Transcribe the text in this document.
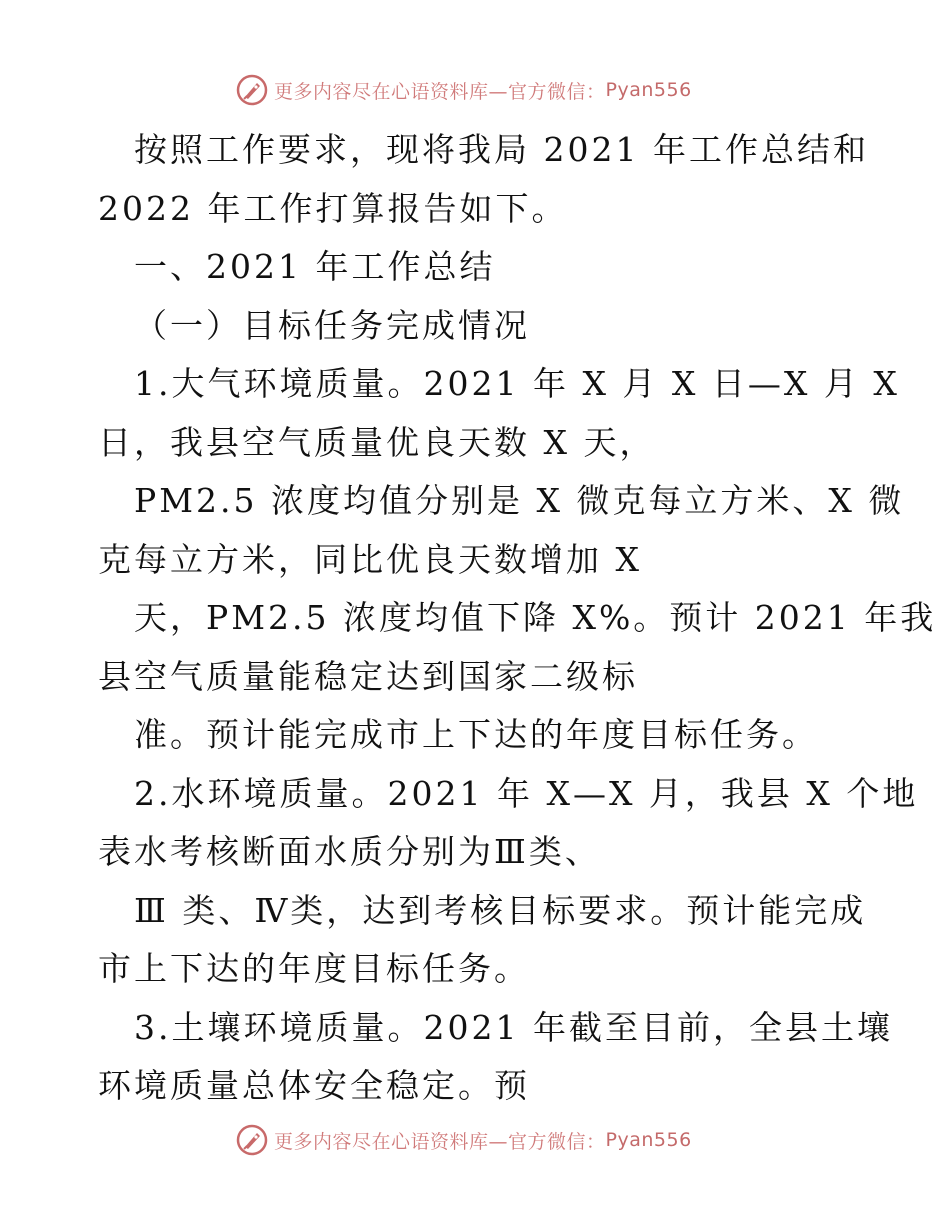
更多内容尽在心语资料库—官方微信： Pyan556
按照工作要求，现将我局 2021 年工作总结和
2022 年工作打算报告如下。
一、2021 年工作总结
（一）目标任务完成情况
1.大气环境质量。2021 年 X 月 X 日—X 月 X
日，我县空气质量优良天数 X 天，
PM2.5 浓度均值分别是 X 微克每立方米、X 微
克每立方米，同比优良天数增加 X
天，PM2.5 浓度均值下降 X%。预计 2021 年我
县空气质量能稳定达到国家二级标
准。预计能完成市上下达的年度目标任务。
2.水环境质量。2021 年 X—X 月，我县 X 个地
表水考核断面水质分别为Ⅲ类、
Ⅲ 类、Ⅳ类，达到考核目标要求。预计能完成
市上下达的年度目标任务。
3.土壤环境质量。2021 年截至目前，全县土壤
环境质量总体安全稳定。预
更多内容尽在心语资料库—官方微信： Pyan556
